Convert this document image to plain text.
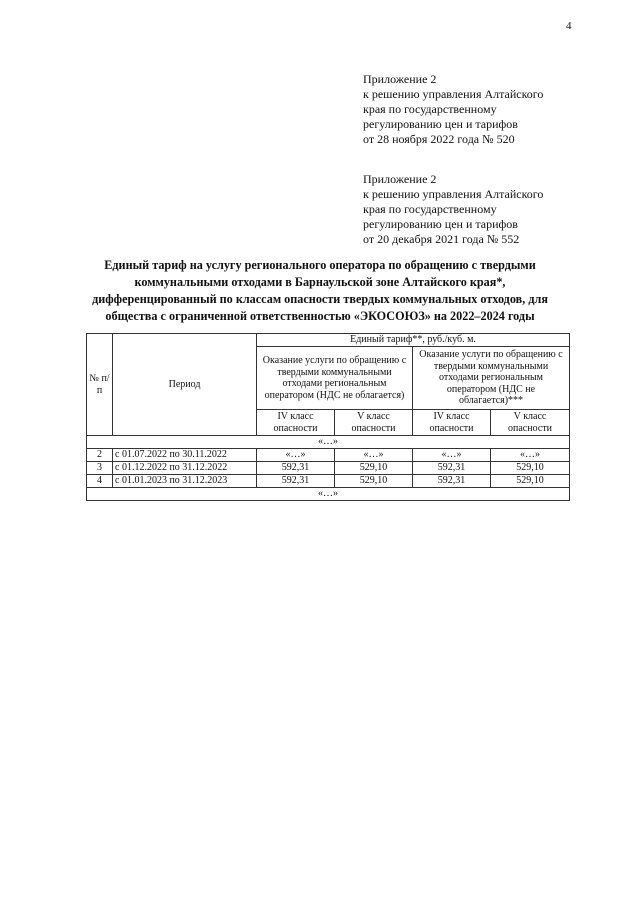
4
Приложение 2
к решению управления Алтайского
края по государственному
регулированию цен и тарифов
от 28 ноября 2022 года № 520
Приложение 2
к решению управления Алтайского
края по государственному
регулированию цен и тарифов
от 20 декабря 2021 года № 552
Единый тариф на услугу регионального оператора по обращению с твердыми
коммунальными отходами в Барнаульской зоне Алтайского края*,
дифференцированный по классам опасности твердых коммунальных отходов, для
общества с ограниченной ответственностью «ЭКОСОЮЗ» на 2022–2024 годы
№ п/п	Период	Единый тариф**, руб./куб. м.			
		Оказание услуги по обращению с твердыми коммунальными отходами региональным оператором (НДС не облагается)		Оказание услуги по обращению с твердыми коммунальными отходами региональным оператором (НДС не облагается)***	
		IV класс опасности	V класс опасности	IV класс опасности	V класс опасности
«…»					
2	с 01.07.2022 по 30.11.2022	«…»	«…»	«…»	«…»
3	с 01.12.2022 по 31.12.2022	592,31	529,10	592,31	529,10
4	с 01.01.2023 по 31.12.2023	592,31	529,10	592,31	529,10
«…»					
